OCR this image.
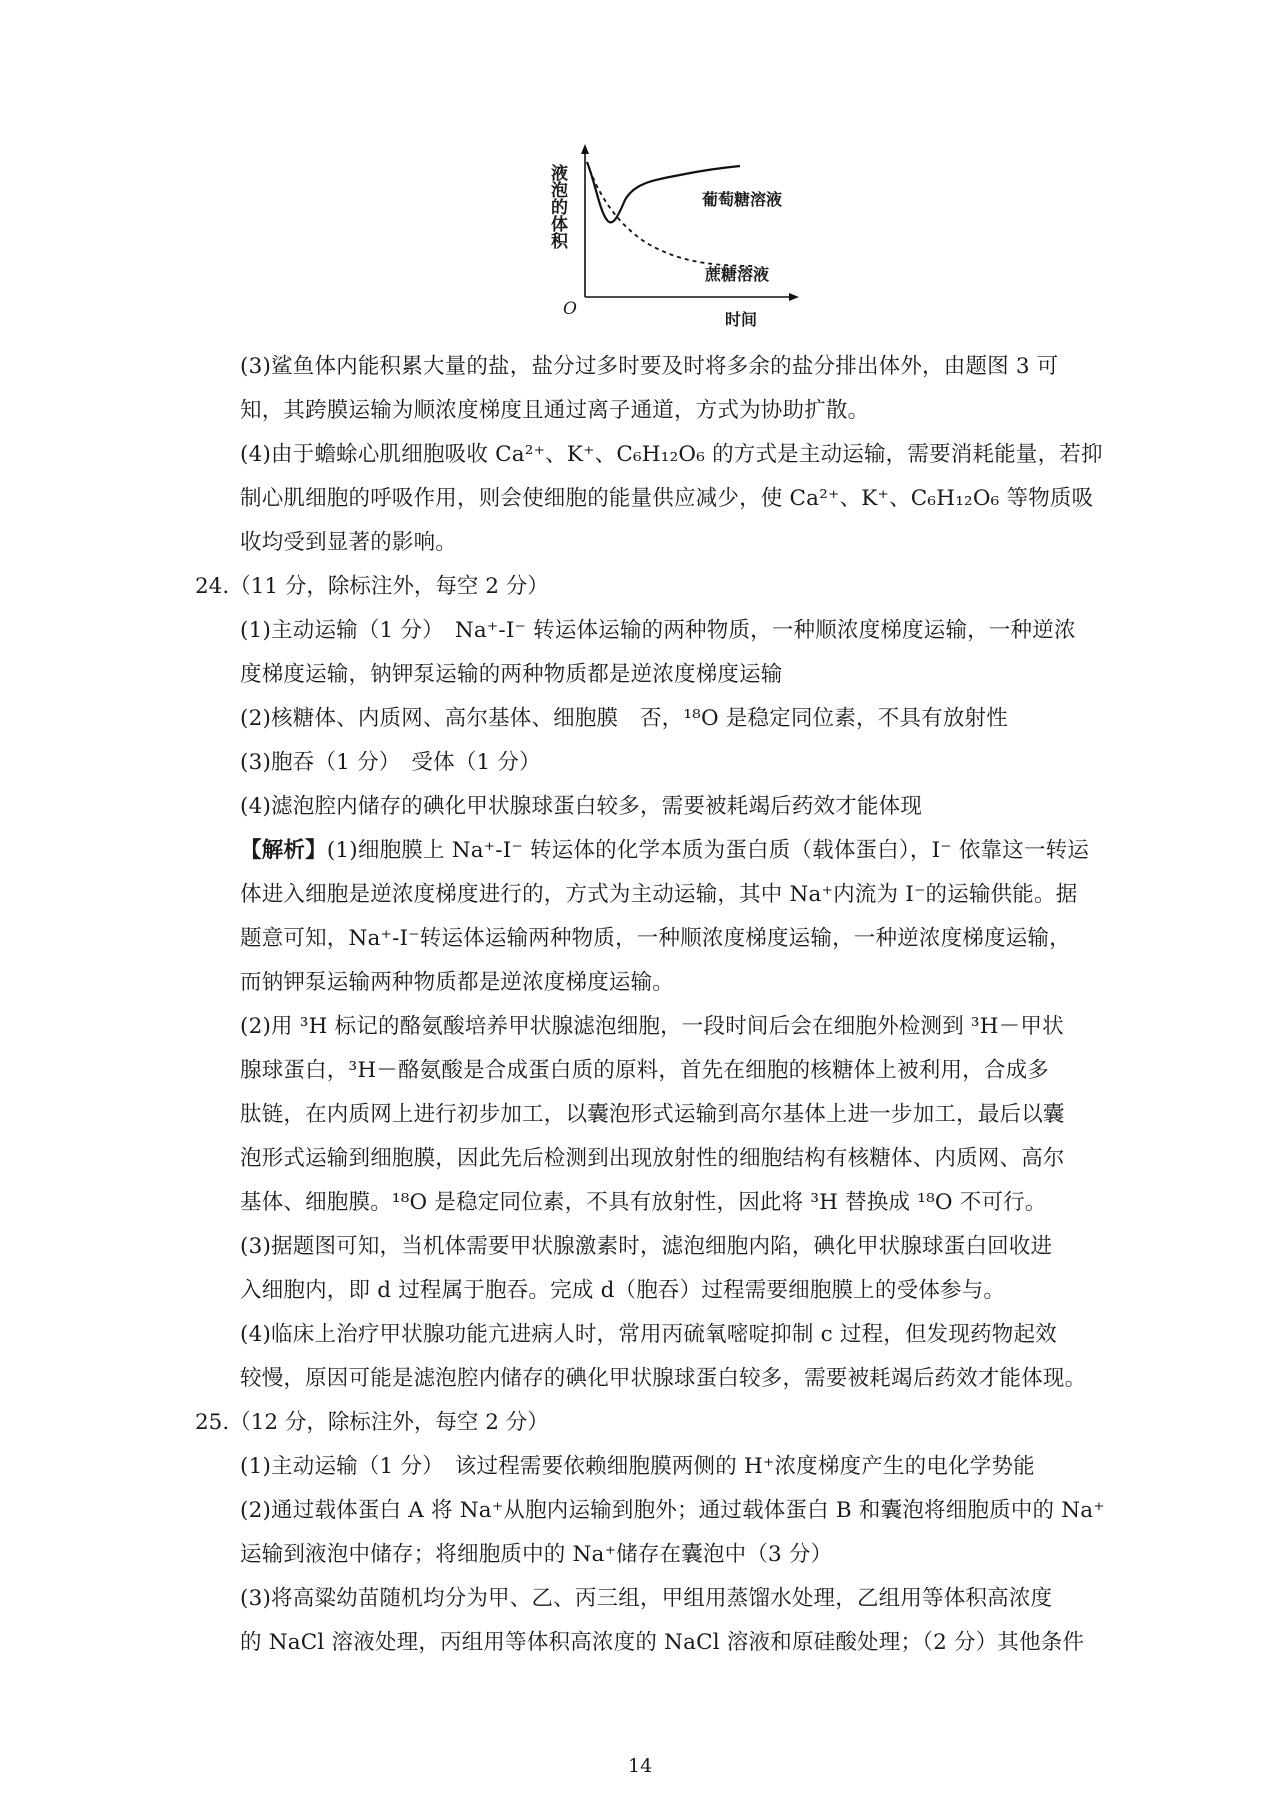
液泡的体积	葡萄糖溶液
蔗糖溶液
O
时间
(3)鲨鱼体内能积累大量的盐，盐分过多时要及时将多余的盐分排出体外，由题图 3 可
知，其跨膜运输为顺浓度梯度且通过离子通道，方式为协助扩散。
(4)由于蟾蜍心肌细胞吸收 Ca²⁺、K⁺、C₆H₁₂O₆ 的方式是主动运输，需要消耗能量，若抑
制心肌细胞的呼吸作用，则会使细胞的能量供应减少，使 Ca²⁺、K⁺、C₆H₁₂O₆ 等物质吸
收均受到显著的影响。
24.（11 分，除标注外，每空 2 分）
(1)主动运输（1 分）　Na⁺-I⁻ 转运体运输的两种物质，一种顺浓度梯度运输，一种逆浓
度梯度运输，钠钾泵运输的两种物质都是逆浓度梯度运输
(2)核糖体、内质网、高尔基体、细胞膜　否，¹⁸O 是稳定同位素，不具有放射性
(3)胞吞（1 分）　受体（1 分）
(4)滤泡腔内储存的碘化甲状腺球蛋白较多，需要被耗竭后药效才能体现
【解析】(1)细胞膜上 Na⁺-I⁻ 转运体的化学本质为蛋白质（载体蛋白），I⁻ 依靠这一转运
体进入细胞是逆浓度梯度进行的，方式为主动运输，其中 Na⁺内流为 I⁻的运输供能。据
题意可知，Na⁺-I⁻转运体运输两种物质，一种顺浓度梯度运输，一种逆浓度梯度运输，
而钠钾泵运输两种物质都是逆浓度梯度运输。
(2)用 ³H 标记的酪氨酸培养甲状腺滤泡细胞，一段时间后会在细胞外检测到 ³H－甲状
腺球蛋白，³H－酪氨酸是合成蛋白质的原料，首先在细胞的核糖体上被利用，合成多
肽链，在内质网上进行初步加工，以囊泡形式运输到高尔基体上进一步加工，最后以囊
泡形式运输到细胞膜，因此先后检测到出现放射性的细胞结构有核糖体、内质网、高尔
基体、细胞膜。¹⁸O 是稳定同位素，不具有放射性，因此将 ³H 替换成 ¹⁸O 不可行。
(3)据题图可知，当机体需要甲状腺激素时，滤泡细胞内陷，碘化甲状腺球蛋白回收进
入细胞内，即 d 过程属于胞吞。完成 d（胞吞）过程需要细胞膜上的受体参与。
(4)临床上治疗甲状腺功能亢进病人时，常用丙硫氧嘧啶抑制 c 过程，但发现药物起效
较慢，原因可能是滤泡腔内储存的碘化甲状腺球蛋白较多，需要被耗竭后药效才能体现。
25.（12 分，除标注外，每空 2 分）
(1)主动运输（1 分）　该过程需要依赖细胞膜两侧的 H⁺浓度梯度产生的电化学势能
(2)通过载体蛋白 A 将 Na⁺从胞内运输到胞外；通过载体蛋白 B 和囊泡将细胞质中的 Na⁺
运输到液泡中储存；将细胞质中的 Na⁺储存在囊泡中（3 分）
(3)将高粱幼苗随机均分为甲、乙、丙三组，甲组用蒸馏水处理，乙组用等体积高浓度
的 NaCl 溶液处理，丙组用等体积高浓度的 NaCl 溶液和原硅酸处理；（2 分）其他条件
14
